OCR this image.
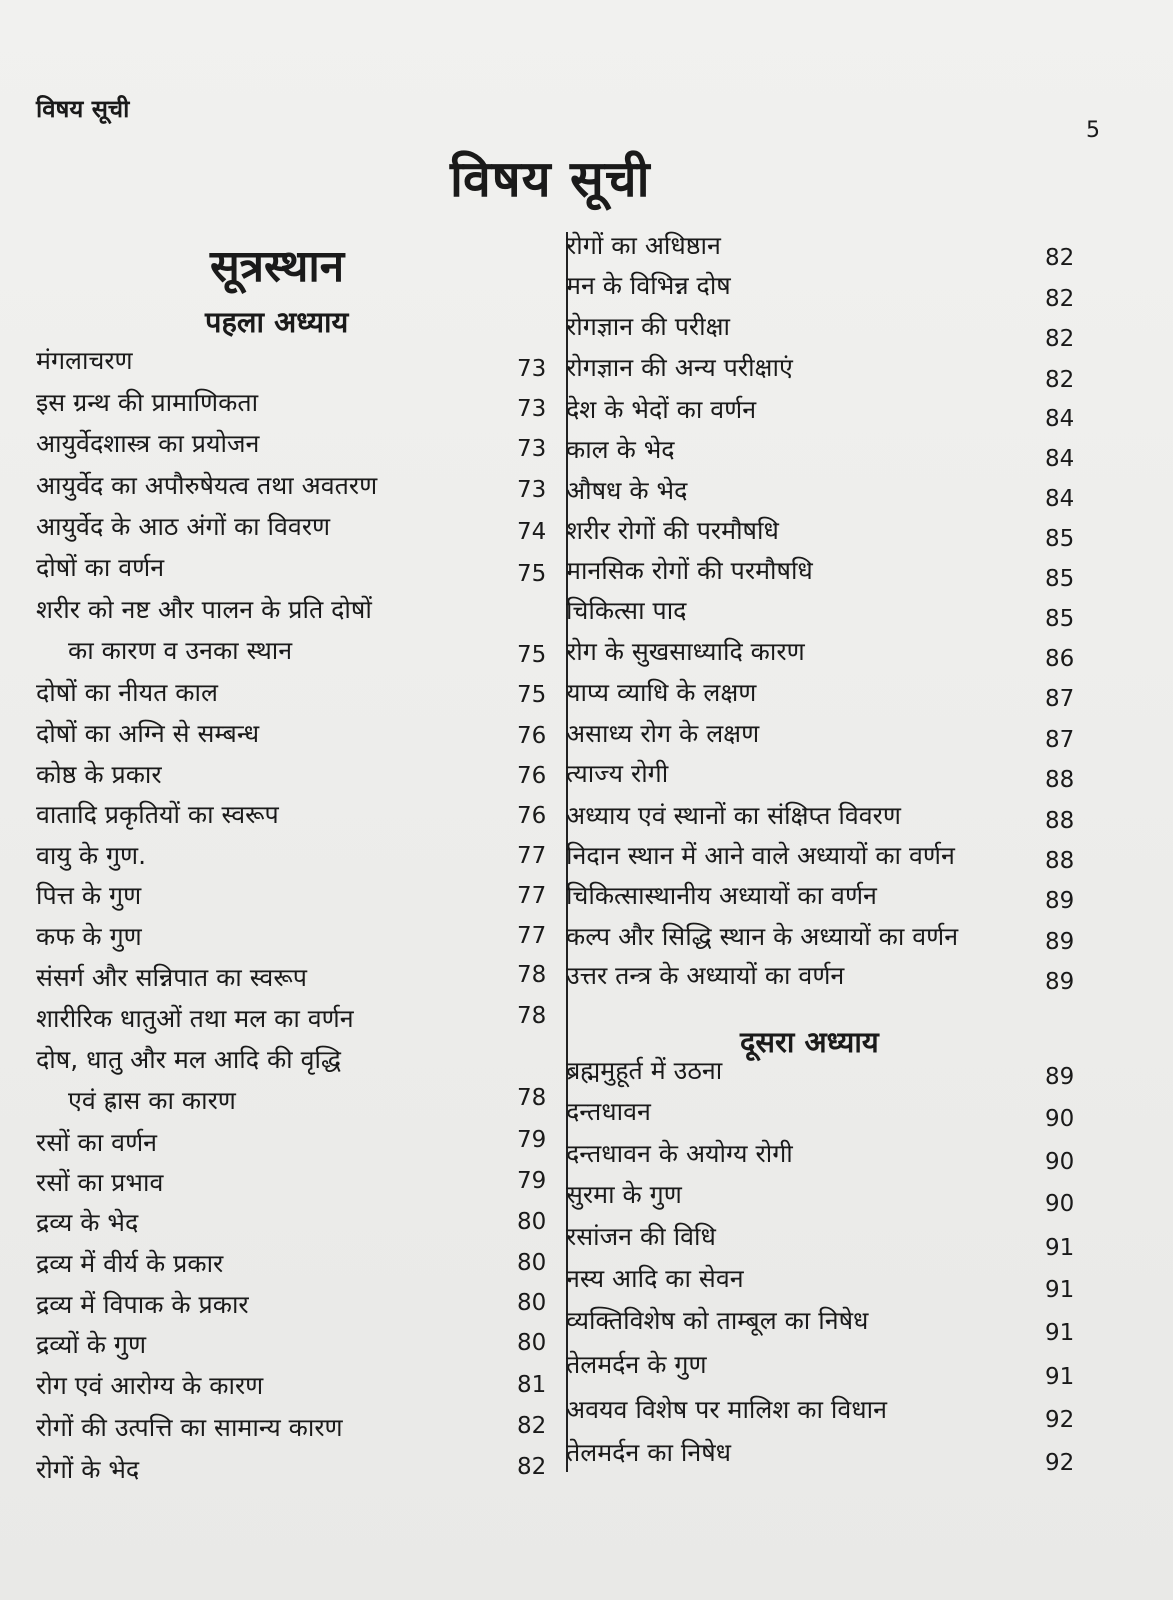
विषय सूची
5
विषय सूची
सूत्रस्थान
पहला अध्याय
दूसरा अध्याय
मंगलाचरण	73
इस ग्रन्थ की प्रामाणिकता	73
आयुर्वेदशास्त्र का प्रयोजन	73
आयुर्वेद का अपौरुषेयत्व तथा अवतरण	73
आयुर्वेद के आठ अंगों का विवरण	74
दोषों का वर्णन	75
शरीर को नष्ट और पालन के प्रति दोषों
का कारण व उनका स्थान	75
दोषों का नीयत काल	75
दोषों का अग्नि से सम्बन्ध	76
कोष्ठ के प्रकार	76
वातादि प्रकृतियों का स्वरूप	76
वायु के गुण.	77
पित्त के गुण	77
कफ के गुण	77
संसर्ग और सन्निपात का स्वरूप	78
शारीरिक धातुओं तथा मल का वर्णन	78
दोष, धातु और मल आदि की वृद्धि
एवं ह्रास का कारण	78
रसों का वर्णन	79
रसों का प्रभाव	79
द्रव्य के भेद	80
द्रव्य में वीर्य के प्रकार	80
द्रव्य में विपाक के प्रकार	80
द्रव्यों के गुण	80
रोग एवं आरोग्य के कारण	81
रोगों की उत्पत्ति का सामान्य कारण	82
रोगों के भेद	82
रोगों का अधिष्ठान	82
मन के विभिन्न दोष	82
रोगज्ञान की परीक्षा	82
रोगज्ञान की अन्य परीक्षाएं	82
देश के भेदों का वर्णन	84
काल के भेद	84
औषध के भेद	84
शरीर रोगों की परमौषधि	85
मानसिक रोगों की परमौषधि	85
चिकित्सा पाद	85
रोग के सुखसाध्यादि कारण	86
याप्य व्याधि के लक्षण	87
असाध्य रोग के लक्षण	87
त्याज्य रोगी	88
अध्याय एवं स्थानों का संक्षिप्त विवरण	88
निदान स्थान में आने वाले अध्यायों का वर्णन	88
चिकित्सास्थानीय अध्यायों का वर्णन	89
कल्प और सिद्धि स्थान के अध्यायों का वर्णन	89
उत्तर तन्त्र के अध्यायों का वर्णन	89
ब्रह्ममुहूर्त में उठना	89
दन्तधावन	90
दन्तधावन के अयोग्य रोगी	90
सुरमा के गुण	90
रसांजन की विधि	91
नस्य आदि का सेवन	91
व्यक्तिविशेष को ताम्बूल का निषेध	91
तेलमर्दन के गुण	91
अवयव विशेष पर मालिश का विधान	92
तेलमर्दन का निषेध	92
